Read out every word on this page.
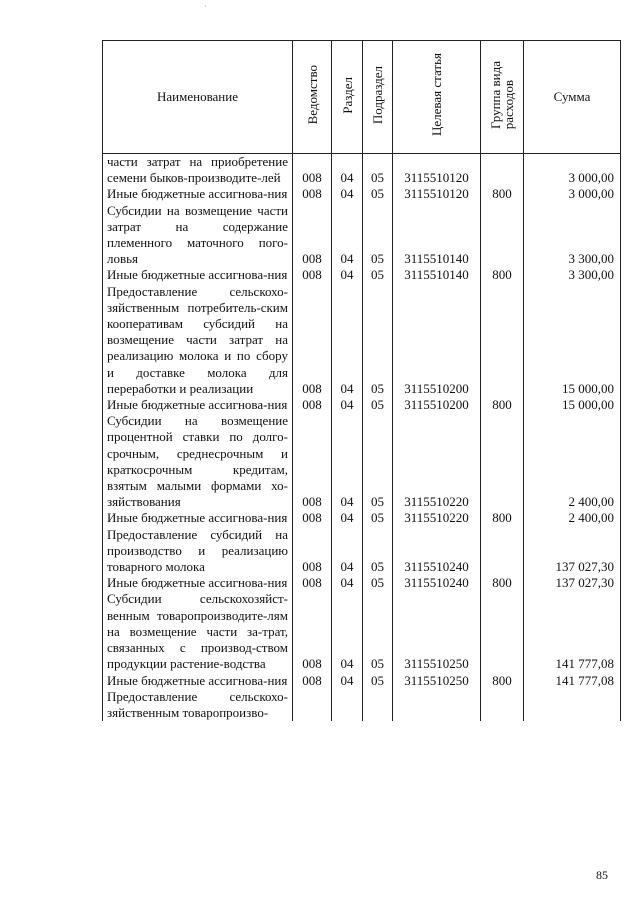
·
Наименование	Ведомство	Раздел	Подраздел	Целевая статья	Группа видарасходов	Сумма

части затрат на приобретение семени быков-производите-лей	008	04	05	3115510120		3 000,00

Иные бюджетные ассигнова-ния	008	04	05	3115510120	800	3 000,00

Субсидии на возмещение части затрат на содержание племенного маточного пого-ловья	008	04	05	3115510140		3 300,00

Иные бюджетные ассигнова-ния	008	04	05	3115510140	800	3 300,00

Предоставление сельскохо-зяйственным потребитель-ским кооперативам субсидий на возмещение части затрат на реализацию молока и по сбору и доставке молока для переработки и реализации	008	04	05	3115510200		15 000,00

Иные бюджетные ассигнова-ния	008	04	05	3115510200	800	15 000,00

Субсидии на возмещение процентной ставки по долго-срочным, среднесрочным и краткосрочным кредитам, взятым малыми формами хо-зяйствования	008	04	05	3115510220		2 400,00

Иные бюджетные ассигнова-ния	008	04	05	3115510220	800	2 400,00

Предоставление субсидий на производство и реализацию товарного молока	008	04	05	3115510240		137 027,30

Иные бюджетные ассигнова-ния	008	04	05	3115510240	800	137 027,30

Субсидии сельскохозяйст-венным товаропроизводите-лям на возмещение части за-трат, связанных с производ-ством продукции растение-водства	008	04	05	3115510250		141 777,08

Иные бюджетные ассигнова-ния	008	04	05	3115510250	800	141 777,08

Предоставление сельскохо-зяйственным товаропроизво-						

85
